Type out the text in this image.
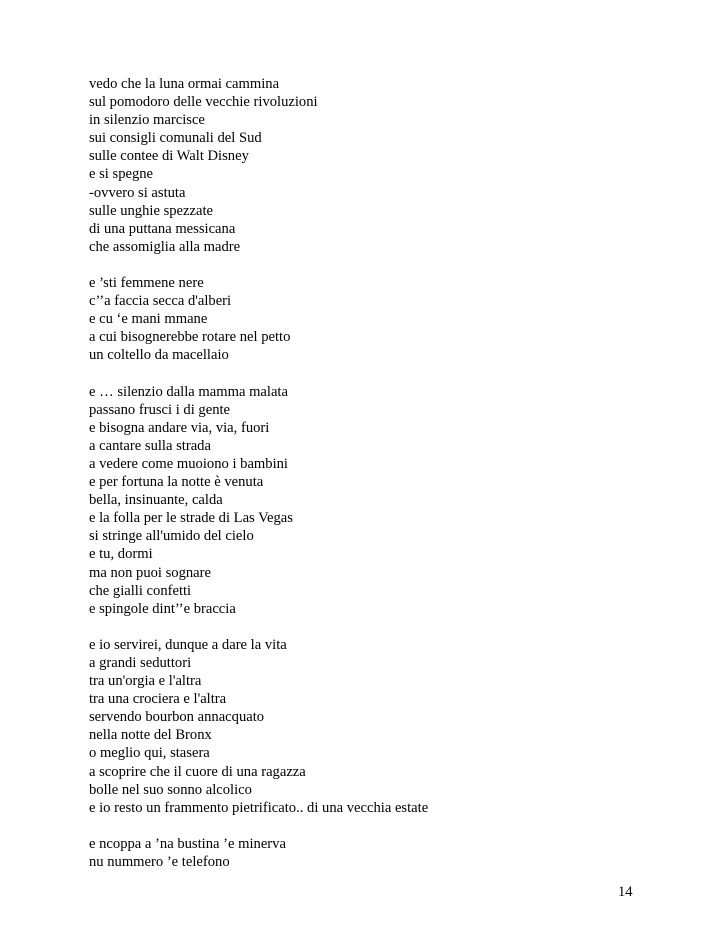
vedo che la luna ormai cammina
sul pomodoro delle vecchie rivoluzioni
in silenzio marcisce
sui consigli comunali del Sud
sulle contee di Walt Disney
e si spegne
-ovvero si astuta
sulle unghie spezzate
di una puttana messicana
che assomiglia alla madre
e ’sti femmene nere
c’’a faccia secca d'alberi
e cu ‘e mani mmane
a cui bisognerebbe rotare nel petto
un coltello da macellaio
e … silenzio dalla mamma malata
passano frusci i di gente
e bisogna andare via, via, fuori
a cantare sulla strada
a vedere come muoiono i bambini
e per fortuna la notte è venuta
bella, insinuante, calda
e la folla per le strade di Las Vegas
si stringe all'umido del cielo
e tu, dormi
ma non puoi sognare
che gialli confetti
e spingole dint’’e braccia
e io servirei, dunque a dare la vita
a grandi seduttori
tra un'orgia e l'altra
tra una crociera e l'altra
servendo bourbon annacquato
nella notte del Bronx
o meglio qui, stasera
a scoprire che il cuore di una ragazza
bolle nel suo sonno alcolico
e io resto un frammento pietrificato.. di una vecchia estate
e ncoppa a ’na bustina ’e minerva
nu nummero ’e telefono
14
